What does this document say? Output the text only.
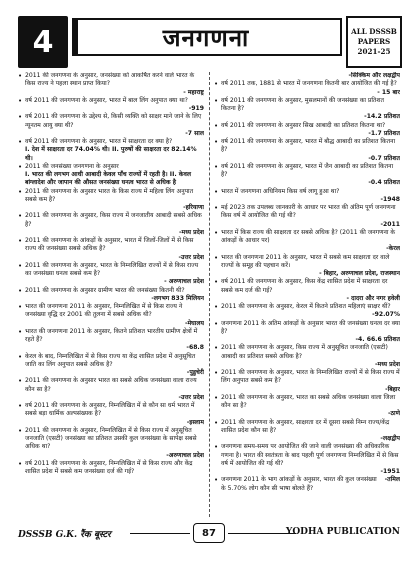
4	जनगणना	ALL DSSSB
PAPERS
2021-25
• 2011 की जनगणना के अनुसार, जनसंख्या को आकर्षित करने वाले भारत के किस राज्य ने पहला स्थान प्राप्त किया?
- महाराष्ट्र
• वर्ष 2011 की जनगणना के अनुसार, भारत में बाल लिंग अनुपात क्या था?
-919
• वर्ष 2011 की जनगणना के उद्देश्य से, किसी व्यक्ति को साक्षर माने जाने के लिए न्यूनतम आयु क्या थी?
-7 साल
• वर्ष 2011 की जनगणना के अनुसार, भारत में साक्षरता दर क्या है?
I. देश में साक्षरता दर 74.04% थी। II. पुरुषों की साक्षरता दर 82.14% थी।
• 2011 की जनसंख्या जनगणना के अनुसार
I. भारत की लगभग आधी आबादी केवल पाँच राज्यों में रहती है। II. केवल बांग्लादेश और जापान की औसत जनसंख्या घनत्व भारत से अधिक है
• 2011 की जनगणना के अनुसार भारत के किस राज्य में महिला लिंग अनुपात सबसे कम है?
-हरियाणा
• 2011 की जनगणना के अनुसार, किस राज्य में जनजातीय आबादी सबसे अधिक है?
-मध्य प्रदेश
• 2011 की जनगणना के आंकड़ों के अनुसार, भारत में जिलों-जिलों में से किस राज्य की जनसंख्या सबसे अधिक है?
-उत्तर प्रदेश
• 2011 की जनगणना के अनुसार, भारत के निम्नलिखित राज्यों में से किस राज्य का जनसंख्या घनत्व सबसे कम है?
- अरुणाचल प्रदेश
• 2011 की जनगणना के अनुसार ग्रामीण भारत की जनसंख्या कितनी थी?
-लगभग 833 मिलियन
• भारत की जनगणना 2011 के अनुसार, निम्नलिखित में से किस राज्य ने जनसंख्या वृद्धि दर 2001 की तुलना में सबसे अधिक थी?
-मेघालय
• भारत की जनगणना 2011 के अनुसार, कितने प्रतिशत भारतीय ग्रामीण क्षेत्रों में रहते हैं?
-68.8
• केरल के बाद, निम्नलिखित में से किस राज्य या केंद्र शासित प्रदेश में अनुसूचित जाति का लिंग अनुपात सबसे अधिक है?
-पुडुचेरी
• 2011 की जनगणना के अनुसार भारत का सबसे अधिक जनसंख्या वाला राज्य कौन सा है?
-उत्तर प्रदेश
• वर्ष 2011 की जनगणना के अनुसार, निम्नलिखित में से कौन सा धर्म भारत में सबसे बड़ा धार्मिक अल्पसंख्यक है?
-इस्लाम
• 2011 की जनगणना के अनुसार, निम्नलिखित में से किस राज्य में अनुसूचित जनजाति (एसटी) जनसंख्या का प्रतिशत उसकी कुल जनसंख्या के सापेक्ष सबसे अधिक था?
-अरुणाचल प्रदेश
• वर्ष 2011 की जनगणना के अनुसार, निम्नलिखित में से किस राज्य और केंद्र शासित प्रदेश में सबसे कम जनसंख्या दर्ज की गई?
-सिक्किम और लक्षद्वीप
• वर्ष 2011 तक, 1881 से भारत में जनगणना कितनी बार आयोजित की गई है?
- 15 बार
• वर्ष 2011 की जनगणना के अनुसार, मुसलमानों की जनसंख्या का प्रतिशत कितना है?
-14.2 प्रतिशत
• वर्ष 2011 की जनगणना के अनुसार सिख आबादी का प्रतिशत कितना था?
-1.7 प्रतिशत
• वर्ष 2011 की जनगणना के अनुसार, भारत में बौद्ध आबादी का प्रतिशत कितना है?
-0.7 प्रतिशत
• वर्ष 2011 की जनगणना के अनुसार, भारत में जैन आबादी का प्रतिशत कितना है?
-0.4 प्रतिशत
• भारत में जनगणना अधिनियम किस वर्ष लागू हुआ था?
-1948
• मई 2023 तक उपलब्ध जानकारी के आधार पर भारत की अंतिम पूर्ण जनगणना किस वर्ष में आयोजित की गई थी?
-2011
• भारत में किस राज्य की साक्षरता दर सबसे अधिक है? (2011 की जनगणना के आंकड़ों के आधार पर)
-केरल
• भारत की जनगणना 2011 के अनुसार, भारत में सबसे कम साक्षरता दर वाले राज्यों के समूह की पहचान करें।
- बिहार, अरुणाचल प्रदेश, राजस्थान
• वर्ष 2011 की जनगणना के अनुसार, किस केंद्र शासित प्रदेश में साक्षरता दर सबसे कम दर्ज की गई?
- दादरा और नगर हवेली
• 2011 की जनगणना के अनुसार, केरल में कितने प्रतिशत महिलाएं साक्षर थीं?
-92.07%
• जनगणना 2011 के अतिम आंकड़ों के अनुसार भारत की जनसंख्या घनत्व दर क्या है?
-4. 66.6 प्रतिशत
• 2011 की जनगणना के अनुसार, किस राज्य में अनुसूचित जनजाति (एसटी) आबादी का प्रतिशत सबसे अधिक है?
-मध्य प्रदेश
• 2011 की जनगणना के अनुसार, भारत के निम्नलिखित राज्यों में से किस राज्य में लिंग अनुपात सबसे कम है?
-बिहार
• 2011 की जनगणना के अनुसार, भारत का सबसे अधिक जनसंख्या वाला जिला कौन सा है?
-ठाणे
• 2011 की जनगणना के अनुसार, साक्षरता दर में दूसरा सबसे निम्न राज्य/केंद्र शासित प्रदेश कौन सा है?
-लक्षद्वीप
• जनगणना समय-समय पर आयोजित की जाने वाली जनसंख्या की अधिकारिक गणना है। भारत की स्वतंत्रता के बाद पहली पूर्ण जनगणना निम्नलिखित में से किस वर्ष में आयोजित की गई थी?
-1951
• -तमिल
जनगणना 2011 के भाग आंकड़ों के अनुसार, भारत की कुल जनसंख्या के 5.70% लोग कौन सी भाषा बोलते हैं?
DSSSB G.K. रैंक बूस्टर	87	YODHA PUBLICATION
